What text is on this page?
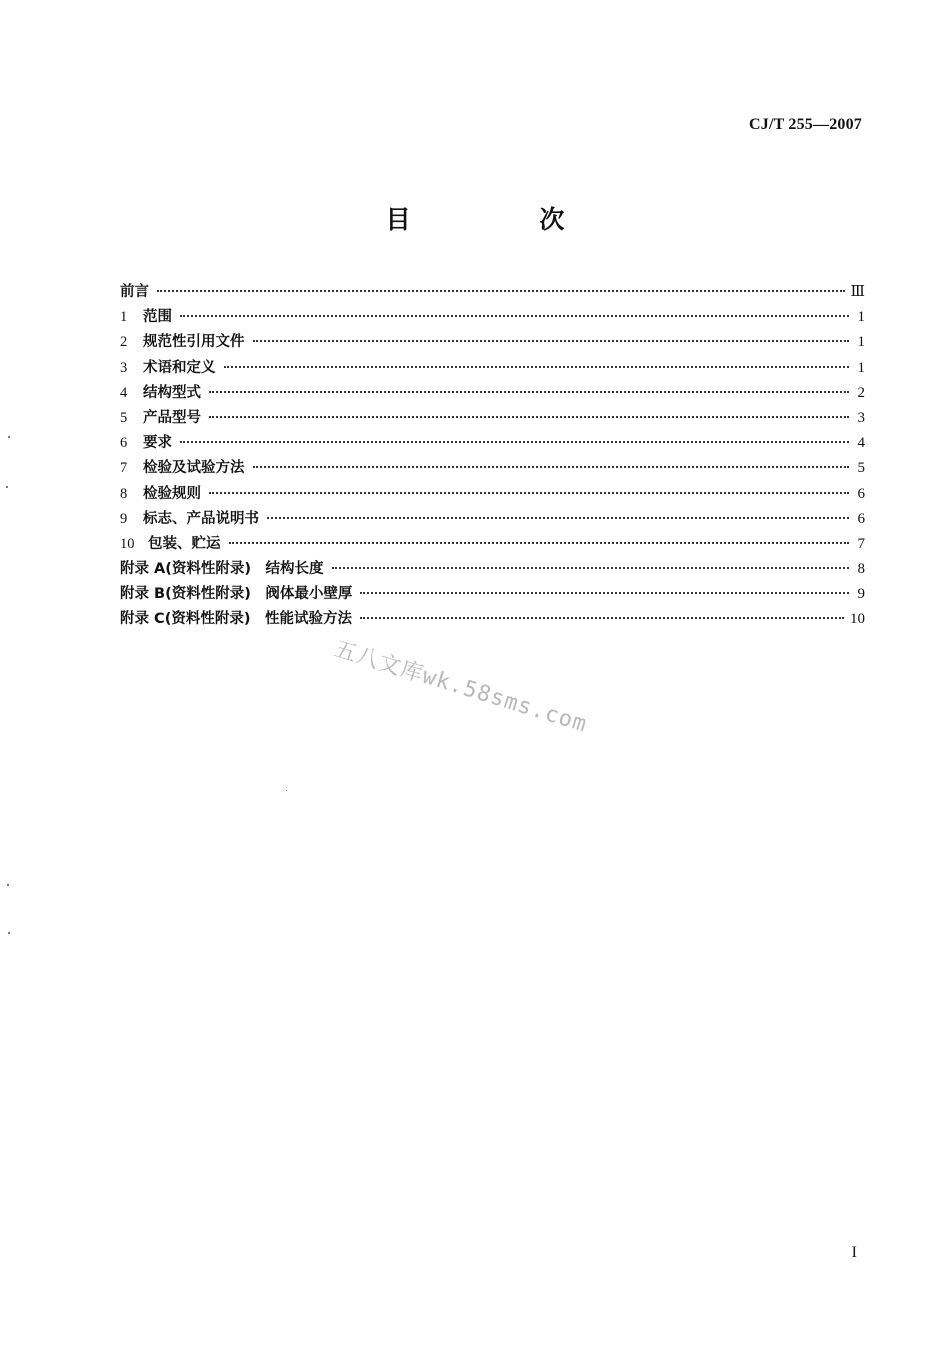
CJ/T 255—2007
目 次
前言	Ⅲ
1 范围	1
2 规范性引用文件	1
3 术语和定义	1
4 结构型式	2
5 产品型号	3
6 要求	4
7 检验及试验方法	5
8 检验规则	6
9 标志、产品说明书	6
10 包装、贮运	7
附录 A(资料性附录)　结构长度	8
附录 B(资料性附录)　阀体最小壁厚	9
附录 C(资料性附录)　性能试验方法	10
五八文库wk.58sms.com
I
